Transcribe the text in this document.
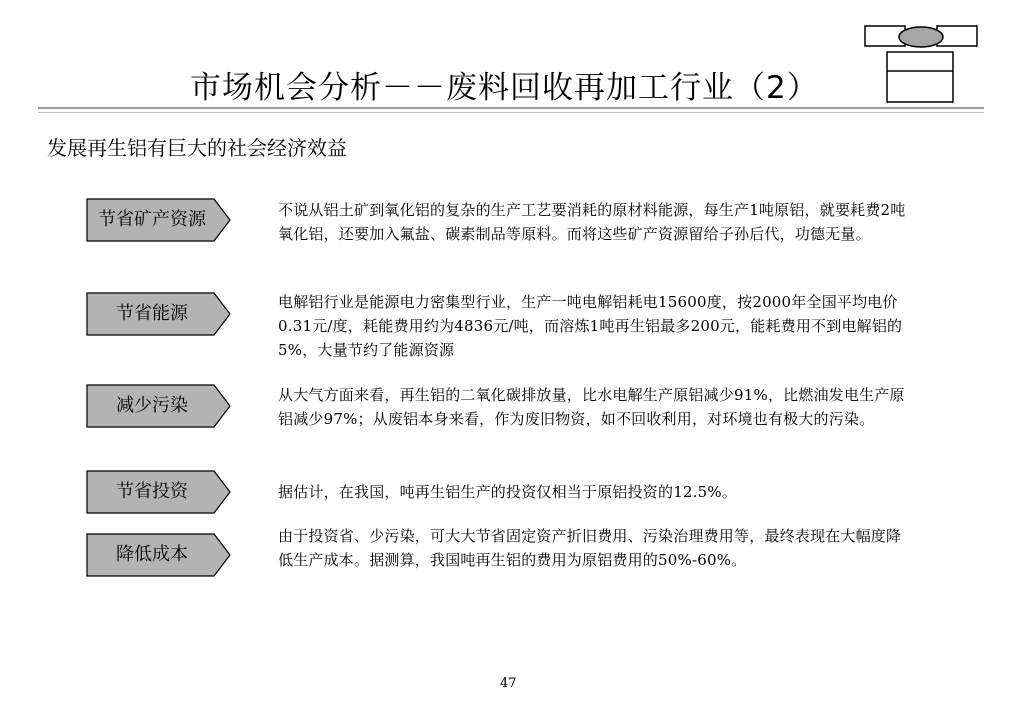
市场机会分析－－废料回收再加工行业（2）
发展再生铝有巨大的社会经济效益
节省矿产资源	不说从铝土矿到氧化铝的复杂的生产工艺要消耗的原材料能源，每生产1吨原铝，就要耗费2吨氧化铝，还要加入氟盐、碳素制品等原料。而将这些矿产资源留给子孙后代，功德无量。
节省能源
电解铝行业是能源电力密集型行业，生产一吨电解铝耗电15600度，按2000年全国平均电价0.31元/度，耗能费用约为4836元/吨，而溶炼1吨再生铝最多200元，能耗费用不到电解铝的5%，大量节约了能源资源
减少污染	从大气方面来看，再生铝的二氧化碳排放量，比水电解生产原铝减少91%，比燃油发电生产原铝减少97%；从废铝本身来看，作为废旧物资，如不回收利用，对环境也有极大的污染。
节省投资	据估计，在我国，吨再生铝生产的投资仅相当于原铝投资的12.5%。
降低成本
由于投资省、少污染，可大大节省固定资产折旧费用、污染治理费用等，最终表现在大幅度降低生产成本。据测算，我国吨再生铝的费用为原铝费用的50%-60%。
47
